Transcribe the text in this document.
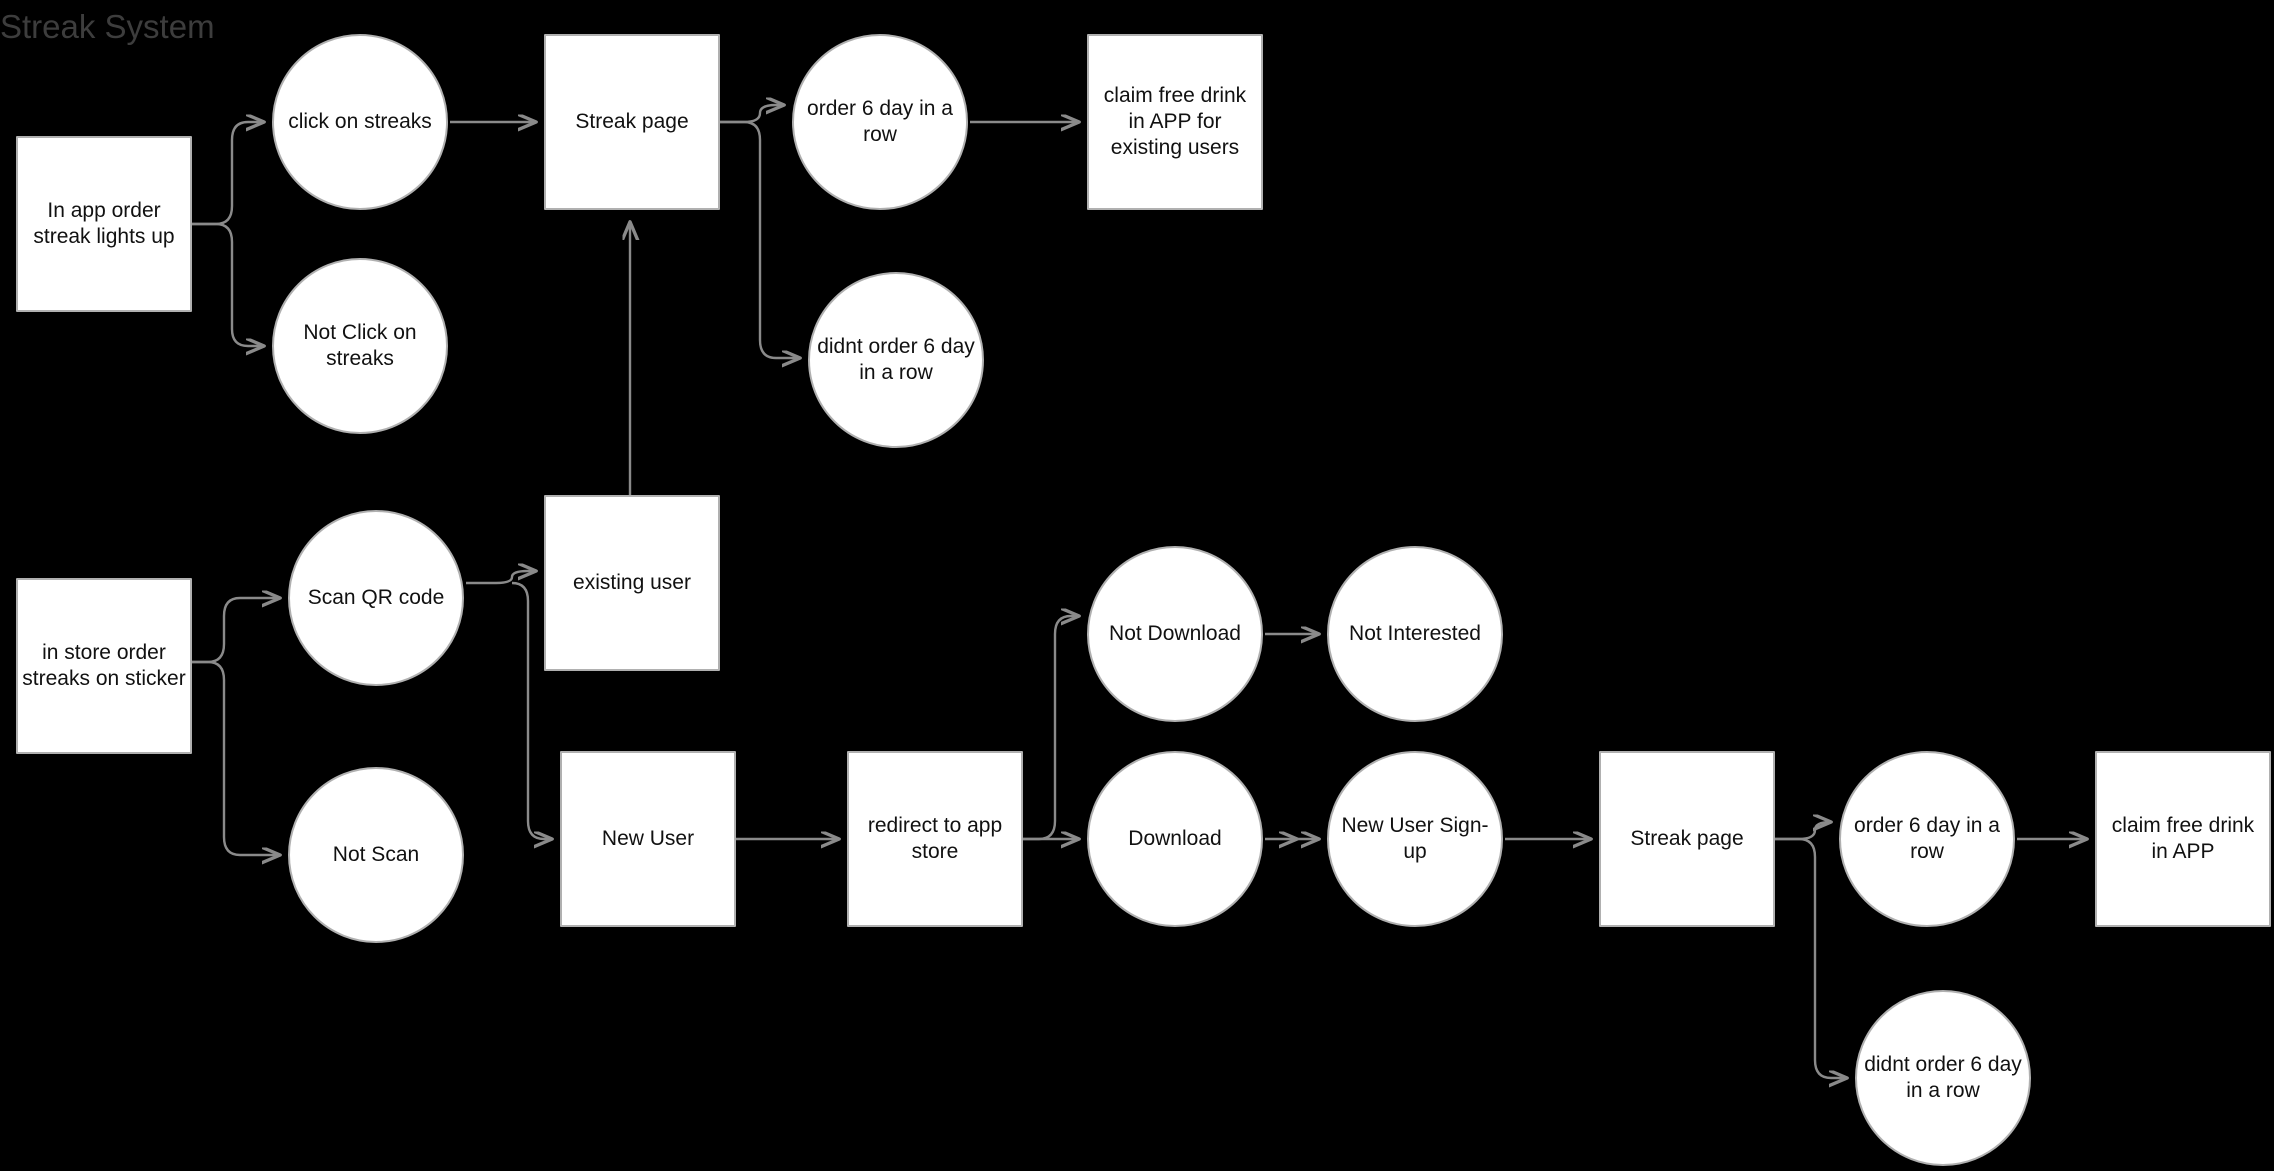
Streak System
In app order streak lights up
click on streaks
Not Click on streaks
Streak page
order 6 day in a row
claim free drink in APP for existing users
didnt order 6 day in a row
in store order streaks on sticker
Scan QR code
Not Scan
existing user
New User
redirect to app store
Not Download
Download
Not Interested
New User Sign-up
Streak page
order 6 day in a row
claim free drink in APP
didnt order 6 day in a row
